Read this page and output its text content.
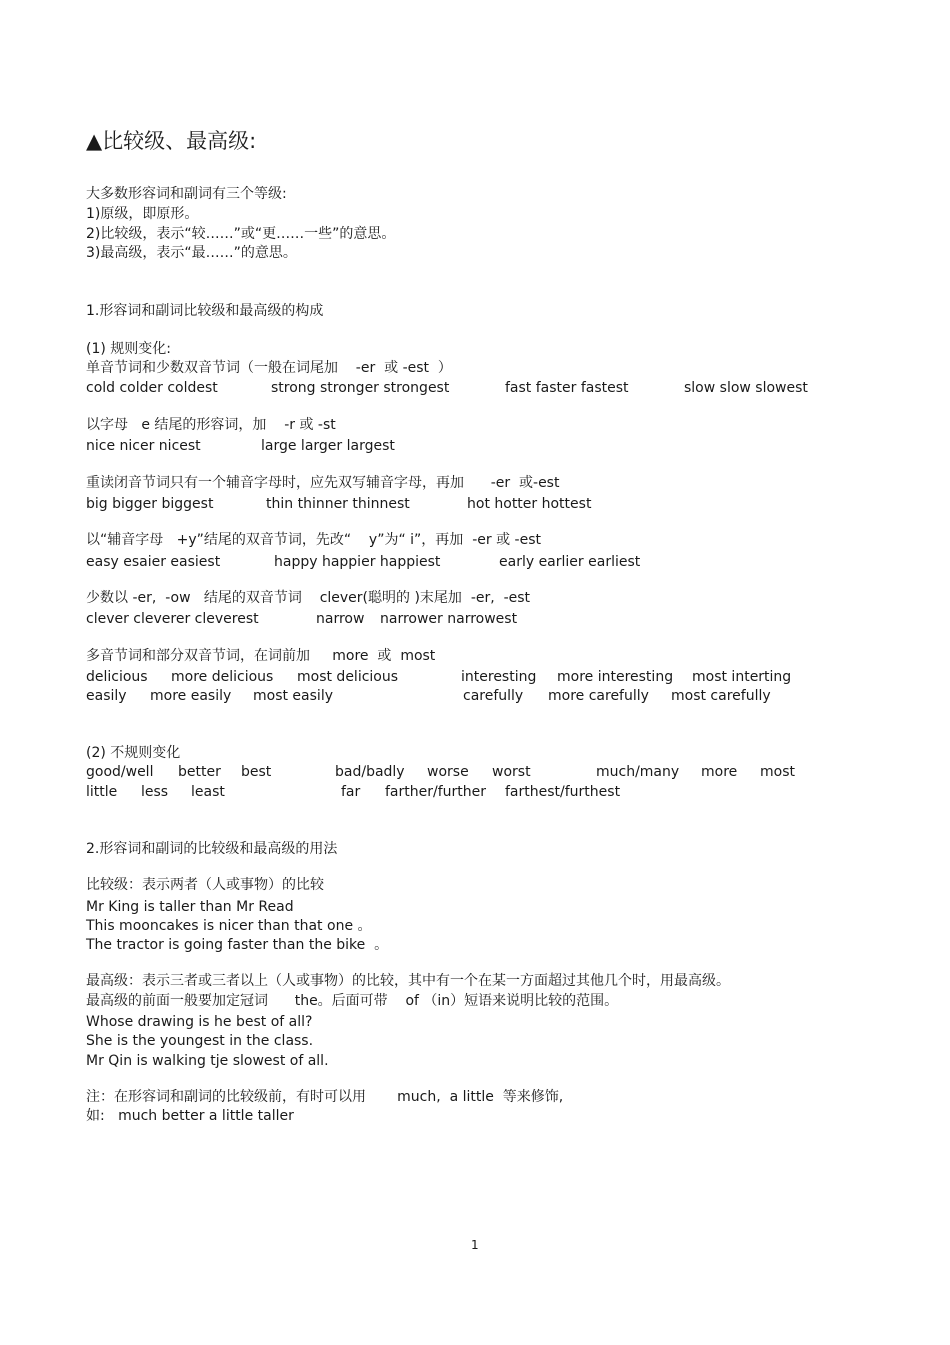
▲比较级、最高级:
大多数形容词和副词有三个等级:
1)原级，即原形。
2)比较级，表示“较……”或“更……一些”的意思。
3)最高级，表示“最……”的意思。
1.形容词和副词比较级和最高级的构成
(1) 规则变化:
单音节词和少数双音节词（一般在词尾加    -er  或 -est  ）
cold colder coldest	strong stronger strongest	fast faster fastest	slow slow slowest
以字母   e 结尾的形容词，加    -r 或 -st
nice nicer nicest	large larger largest
重读闭音节词只有一个辅音字母时，应先双写辅音字母，再加      -er  或-est
big bigger biggest	thin thinner thinnest	hot hotter hottest
以“辅音字母   +y”结尾的双音节词，先改“    y”为“ i”，再加  -er 或 -est
easy esaier easiest	happy happier happiest	early earlier earliest
少数以 -er,  -ow   结尾的双音节词    clever(聪明的 )末尾加  -er,  -est
clever cleverer cleverest	narrow narrower narrowest
多音节词和部分双音节词，在词前加     more  或  most
delicious more delicious most delicious	interesting more interesting most interting
easily more easily most easily	carefully more carefully most carefully
(2) 不规则变化
good/well better best	bad/badly worse worst	much/many more most
little less least	far farther/further farthest/furthest
2.形容词和副词的比较级和最高级的用法
比较级：表示两者（人或事物）的比较
Mr King is taller than Mr Read
This mooncakes is nicer than that one 。
The tractor is going faster than the bike  。
最高级：表示三者或三者以上（人或事物）的比较，其中有一个在某一方面超过其他几个时，用最高级。
最高级的前面一般要加定冠词      the。后面可带    of （in）短语来说明比较的范围。
Whose drawing is he best of all?
She is the youngest in the class.
Mr Qin is walking tje slowest of all.
注：在形容词和副词的比较级前，有时可以用       much,  a little  等来修饰,
如:   much better a little taller
1
